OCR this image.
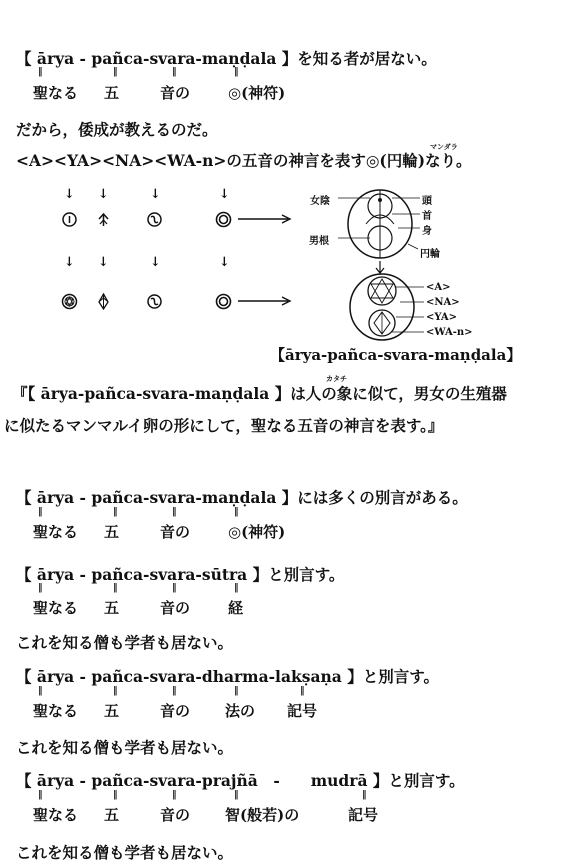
【 ārya - pañca-svara-maṇḍala 】を知る者が居ない。
‖	‖	‖	‖
聖なる 五	音の	◎(神符)
だから，倭成が教えるのだ。
マンダラ
<A><YA><NA><WA-n>の五音の神言を表す◎(円輪)なり。
↓ ↓	↓	↓
↓ ↓	↓	↓
女陰
男根
頭
首
身
円輪
<A>
<NA>
<YA>
<WA-n>
【ārya-pañca-svara-maṇḍala】
カタチ
『【 ārya-pañca-svara-maṇḍala 】は人の象に似て，男女の生殖器
に似たるマンマルイ卵の形にして，聖なる五音の神言を表す。』
【 ārya - pañca-svara-maṇḍala 】には多くの別言がある。
‖	‖	‖	‖
聖なる 五	音の	◎(神符)
【 ārya - pañca-svara-sūtra 】と別言す。
‖	‖	‖	‖
聖なる 五	音の	経
これを知る僧も学者も居ない。
【 ārya - pañca-svara-dharma-lakṣaṇa 】と別言す。
‖	‖	‖	‖	‖
聖なる 五	音の 法の 記号
これを知る僧も学者も居ない。
【 ārya - pañca-svara-prajñā　-　　mudrā 】と別言す。
‖	‖	‖	‖	‖
聖なる 五	音の 智(般若)の	記号
これを知る僧も学者も居ない。
